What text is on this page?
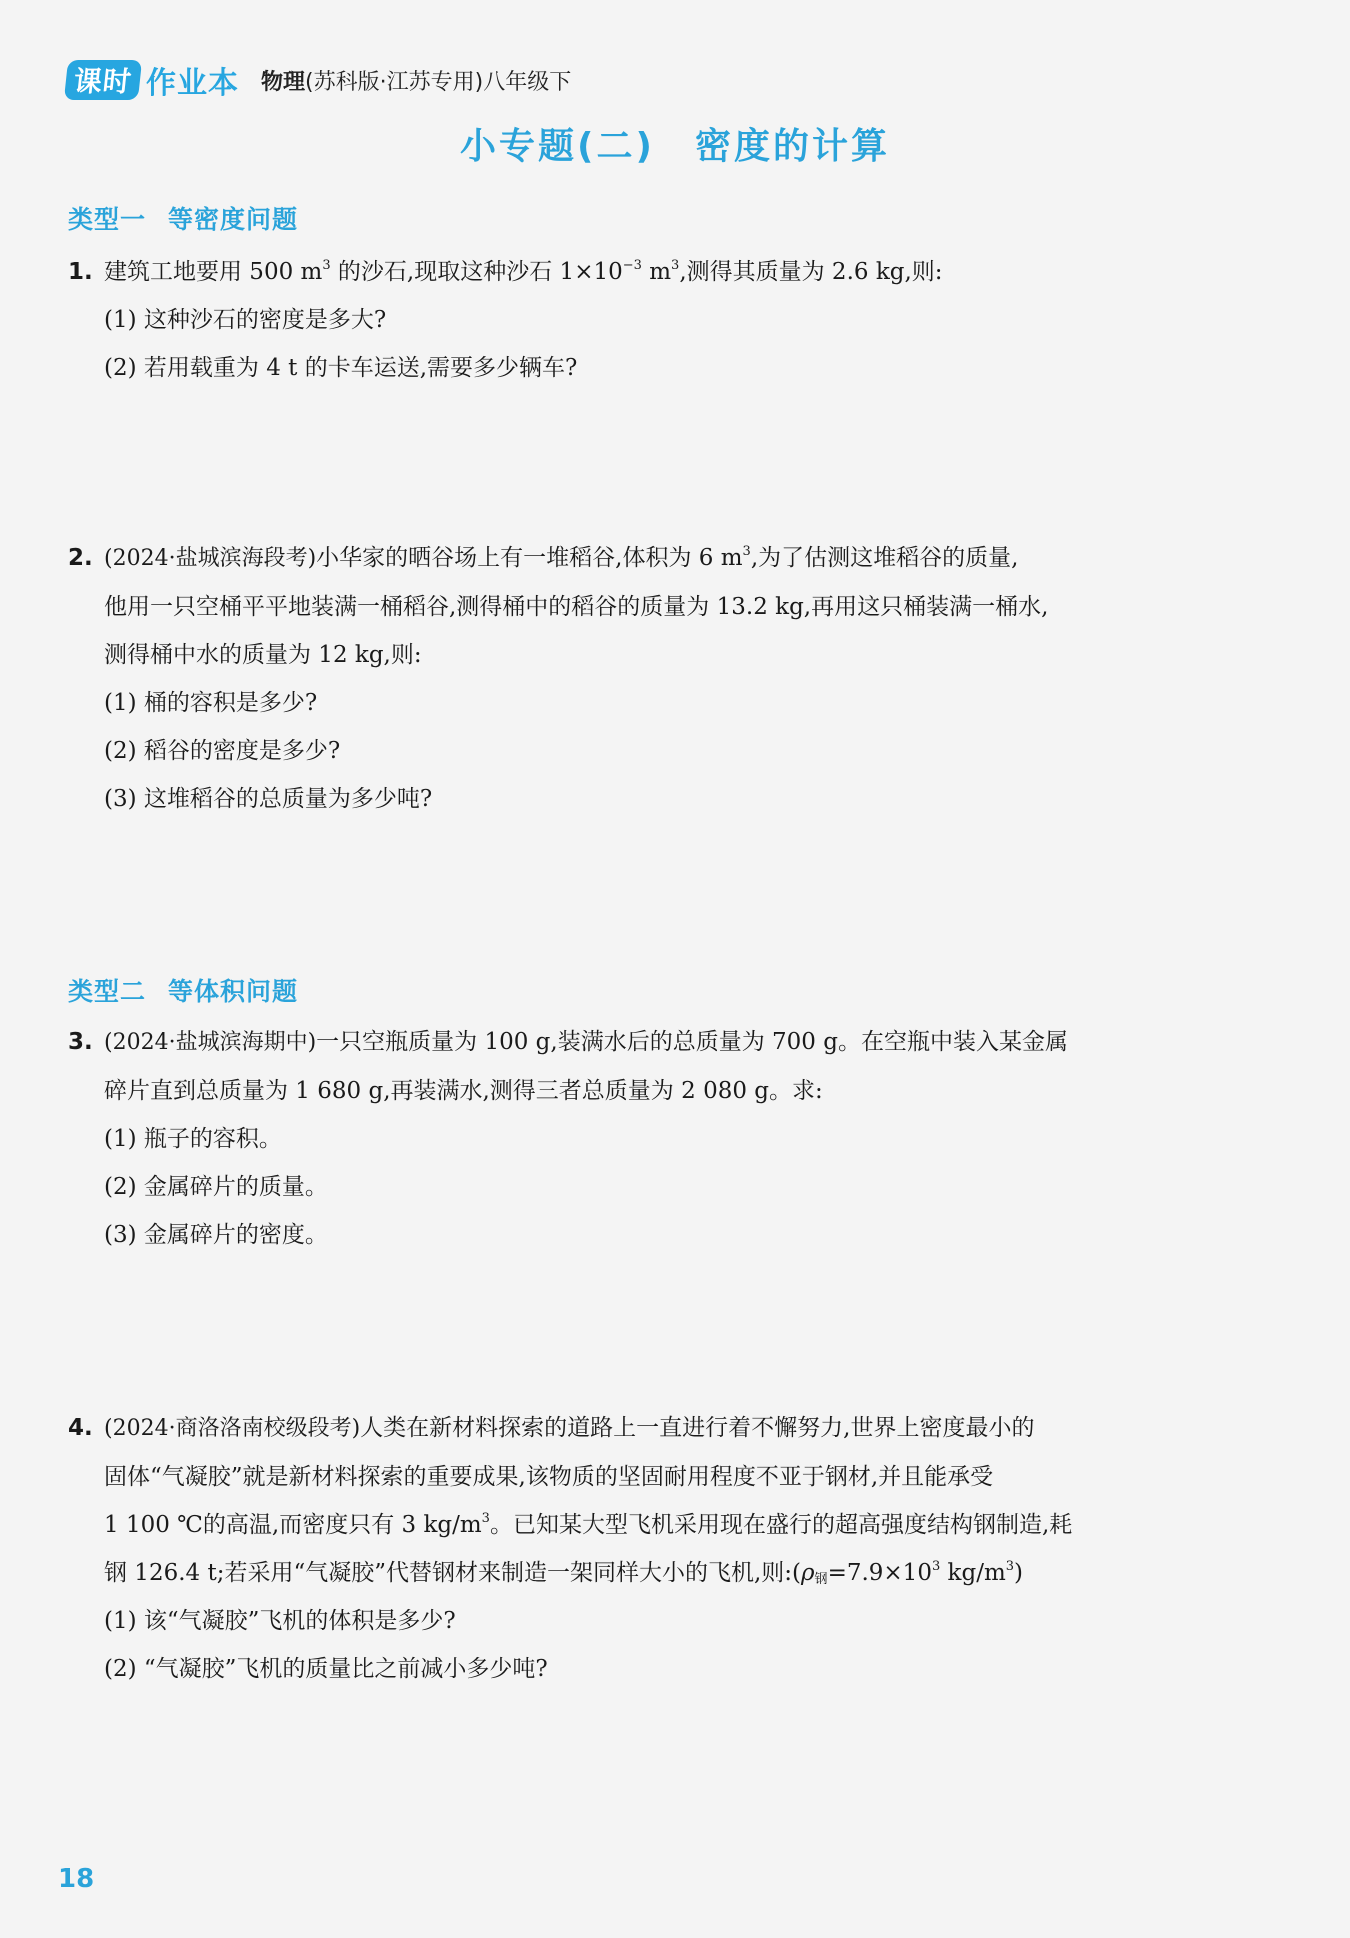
课时 作业本 物理(苏科版·江苏专用)八年级下
小专题(二) 密度的计算
类型一 等密度问题
1. 建筑工地要用 500 $m^3$ 的沙石,现取这种沙石 $1\times 10^{-3}$ $m^3$,测得其质量为 2.6 kg,则:
(1) 这种沙石的密度是多大?
(2) 若用载重为 4 t 的卡车运送,需要多少辆车?
2. (2024·盐城滨海段考)小华家的晒谷场上有一堆稻谷,体积为 6 $m^3$,为了估测这堆稻谷的质量,
他用一只空桶平平地装满一桶稻谷,测得桶中的稻谷的质量为 13.2 kg,再用这只桶装满一桶水,
测得桶中水的质量为 12 kg,则:
(1) 桶的容积是多少?
(2) 稻谷的密度是多少?
(3) 这堆稻谷的总质量为多少吨?
类型二 等体积问题
3. (2024·盐城滨海期中)一只空瓶质量为 100 g,装满水后的总质量为 700 g。在空瓶中装入某金属
碎片直到总质量为 1 680 g,再装满水,测得三者总质量为 2 080 g。求:
(1) 瓶子的容积。
(2) 金属碎片的质量。
(3) 金属碎片的密度。
4. (2024·商洛洛南校级段考)人类在新材料探索的道路上一直进行着不懈努力,世界上密度最小的
固体“气凝胶”就是新材料探索的重要成果,该物质的坚固耐用程度不亚于钢材,并且能承受
1 100 ℃的高温,而密度只有 3 $kg/m^3$。已知某大型飞机采用现在盛行的超高强度结构钢制造,耗
钢 126.4 t;若采用“气凝胶”代替钢材来制造一架同样大小的飞机,则$:(\rho_钢=7.9\times 10^3$ $kg/m^3$)
(1) 该“气凝胶”飞机的体积是多少?
(2) “气凝胶”飞机的质量比之前减小多少吨?
18
